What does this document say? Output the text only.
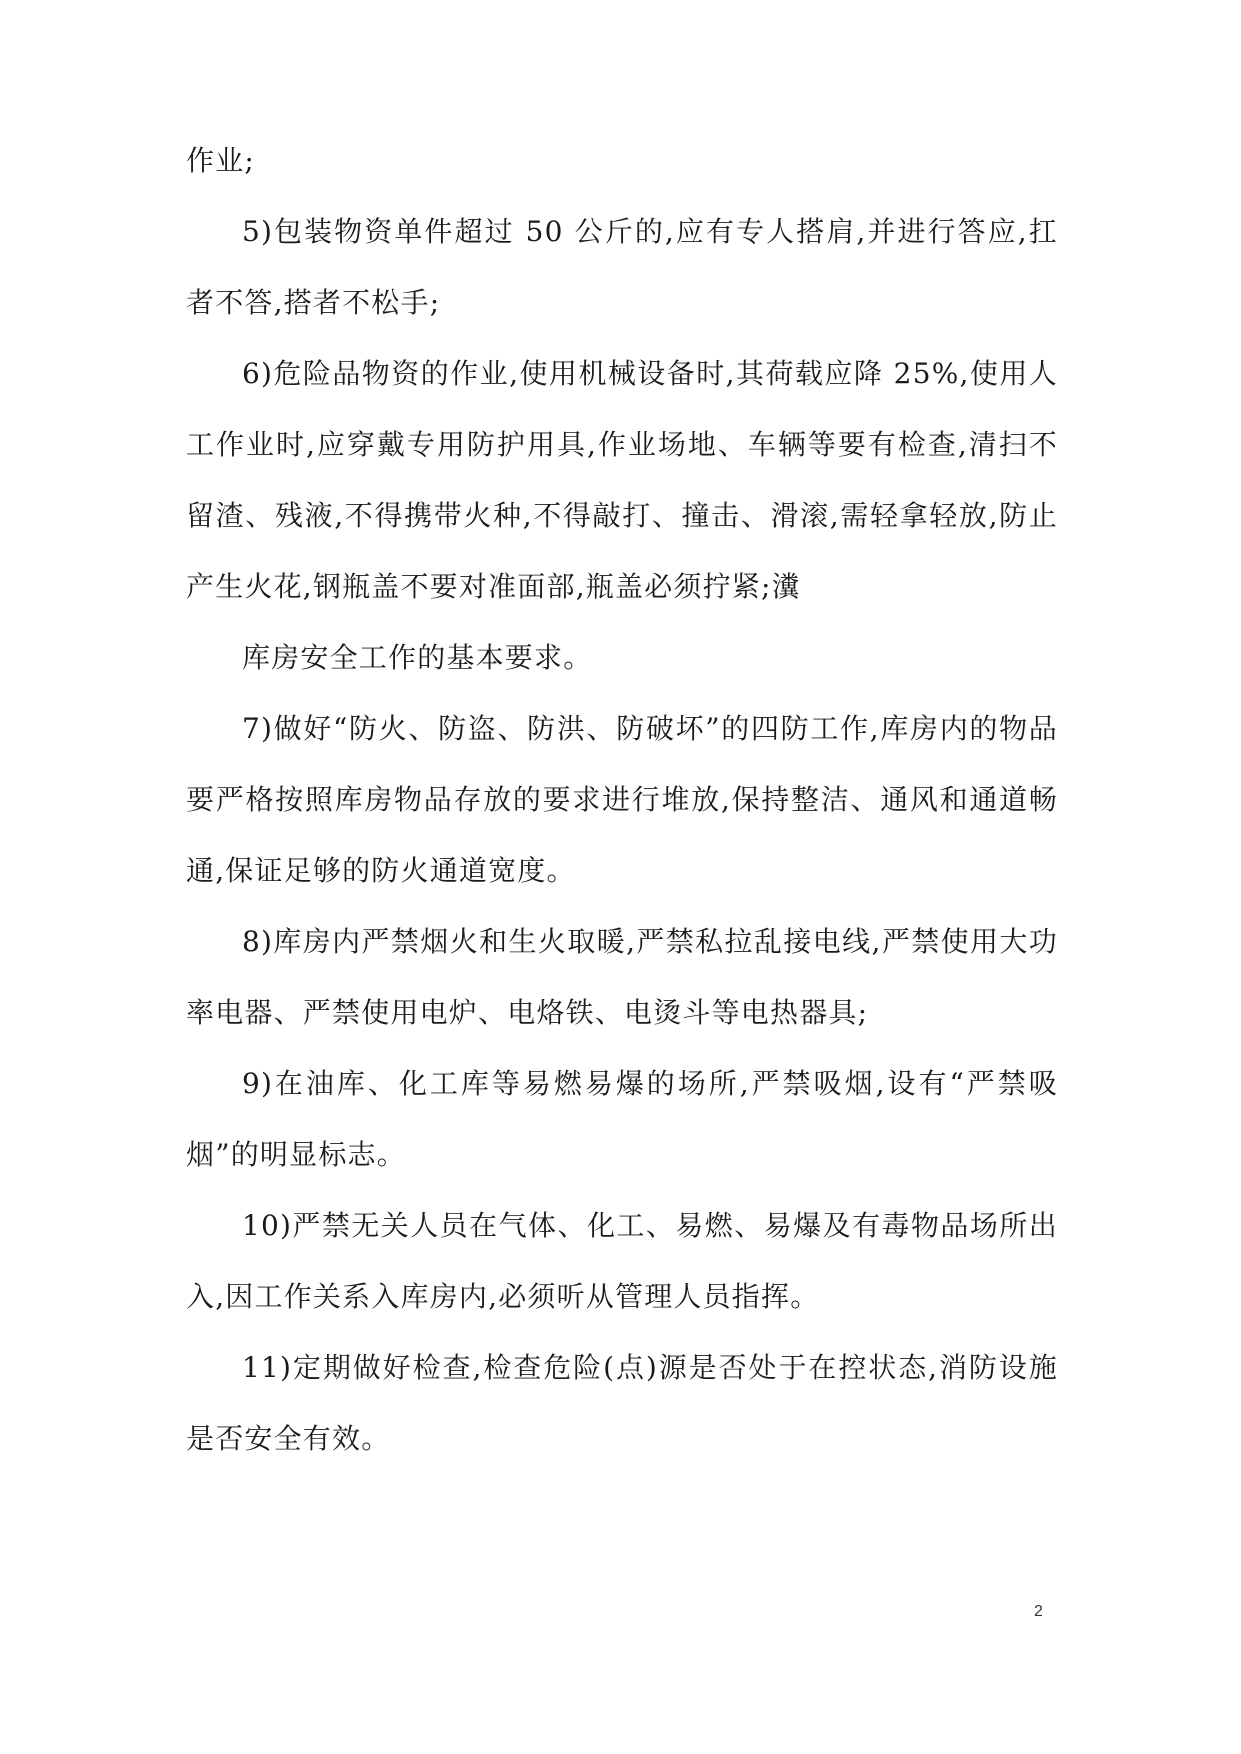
作业;

5)包装物资单件超过 50 公斤的,应有专人搭肩,并进行答应,扛者不答,搭者不松手;

6)危险品物资的作业,使用机械设备时,其荷载应降 25%,使用人工作业时,应穿戴专用防护用具,作业场地、车辆等要有检查,清扫不留渣、残液,不得携带火种,不得敲打、撞击、滑滚,需轻拿轻放,防止产生火花,钢瓶盖不要对准面部,瓶盖必须拧紧;瀵

库房安全工作的基本要求。

7)做好“防火、防盗、防洪、防破坏”的四防工作,库房内的物品要严格按照库房物品存放的要求进行堆放,保持整洁、通风和通道畅通,保证足够的防火通道宽度。

8)库房内严禁烟火和生火取暖,严禁私拉乱接电线,严禁使用大功率电器、严禁使用电炉、电烙铁、电烫斗等电热器具;

9)在油库、化工库等易燃易爆的场所,严禁吸烟,设有“严禁吸烟”的明显标志。

10)严禁无关人员在气体、化工、易燃、易爆及有毒物品场所出入,因工作关系入库房内,必须听从管理人员指挥。

11)定期做好检查,检查危险(点)源是否处于在控状态,消防设施是否安全有效。

2
